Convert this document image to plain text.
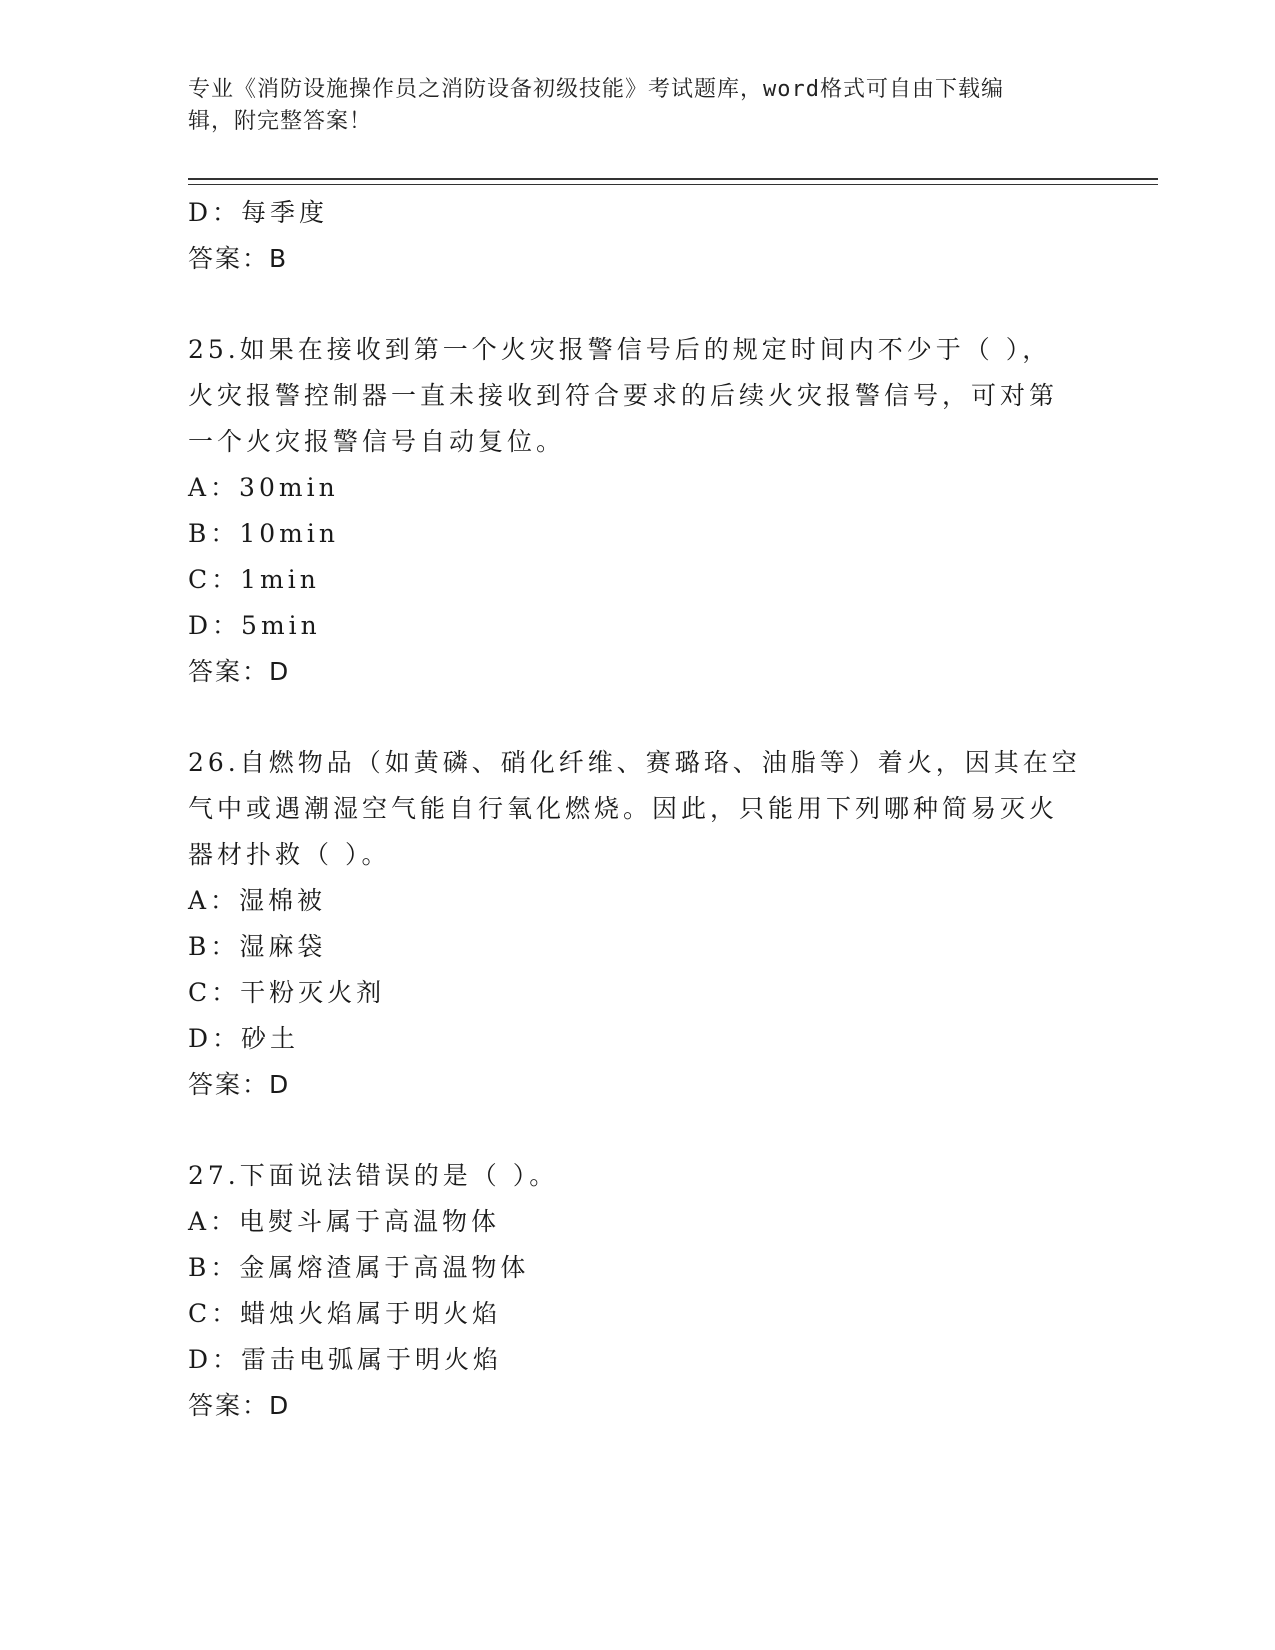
专业《消防设施操作员之消防设备初级技能》考试题库，word格式可自由下载编
辑，附完整答案！
D：每季度
答案：B
25.如果在接收到第一个火灾报警信号后的规定时间内不少于（ ），
火灾报警控制器一直未接收到符合要求的后续火灾报警信号，可对第
一个火灾报警信号自动复位。
A：30min
B：10min
C：1min
D：5min
答案：D
26.自燃物品（如黄磷、硝化纤维、赛璐珞、油脂等）着火，因其在空
气中或遇潮湿空气能自行氧化燃烧。因此，只能用下列哪种简易灭火
器材扑救（ ）。
A：湿棉被
B：湿麻袋
C：干粉灭火剂
D：砂土
答案：D
27.下面说法错误的是（ ）。
A：电熨斗属于高温物体
B：金属熔渣属于高温物体
C：蜡烛火焰属于明火焰
D：雷击电弧属于明火焰
答案：D
